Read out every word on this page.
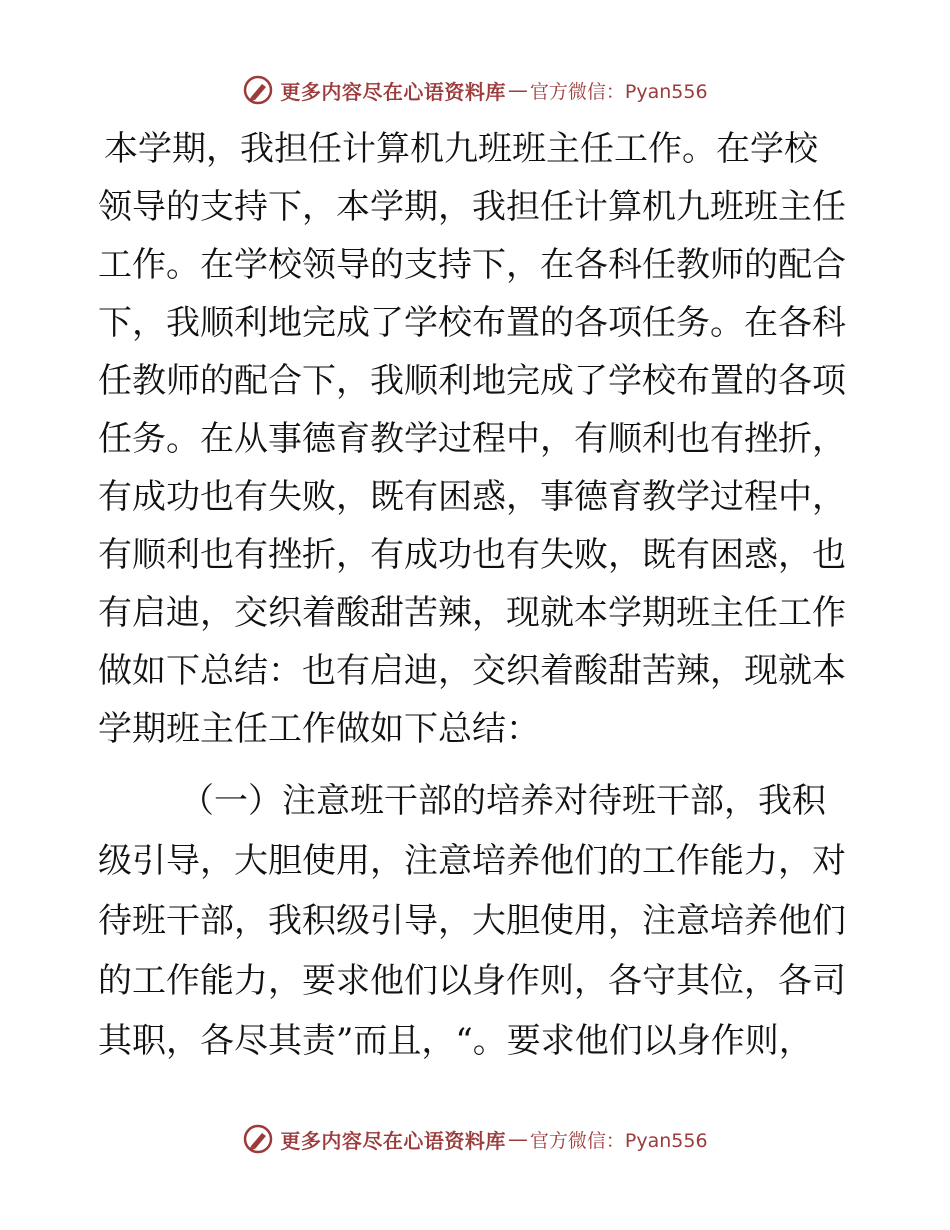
更多内容尽在心语资料库 — 官方微信：Pyan556
本学期，我担任计算机九班班主任工作。在学校
领导的支持下，本学期，我担任计算机九班班主任
工作。在学校领导的支持下，在各科任教师的配合
下，我顺利地完成了学校布置的各项任务。在各科
任教师的配合下，我顺利地完成了学校布置的各项
任务。在从事德育教学过程中，有顺利也有挫折，
有成功也有失败，既有困惑，事德育教学过程中，
有顺利也有挫折，有成功也有失败，既有困惑，也
有启迪，交织着酸甜苦辣，现就本学期班主任工作
做如下总结：也有启迪，交织着酸甜苦辣，现就本
学期班主任工作做如下总结：
（一）注意班干部的培养对待班干部，我积
级引导，大胆使用，注意培养他们的工作能力，对
待班干部，我积级引导，大胆使用，注意培养他们
的工作能力，要求他们以身作则，各守其位，各司
其职，各尽其责”而且，“。要求他们以身作则，
更多内容尽在心语资料库 — 官方微信：Pyan556
